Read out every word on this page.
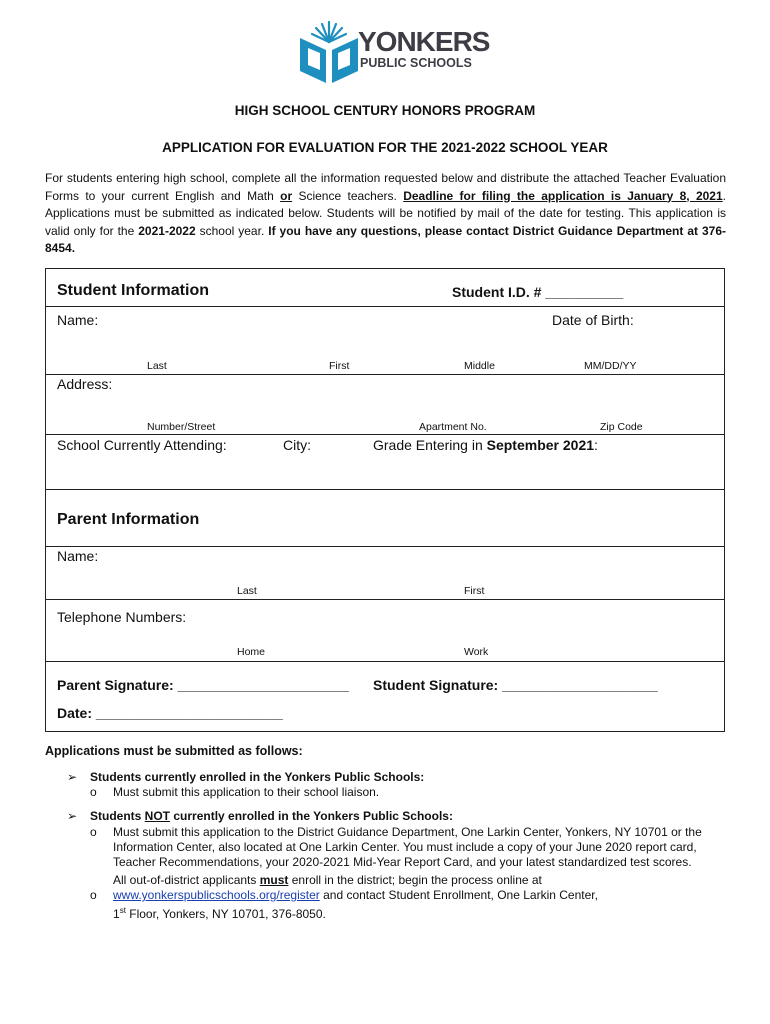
YONKERS
PUBLIC SCHOOLS
HIGH SCHOOL CENTURY HONORS PROGRAM
APPLICATION FOR EVALUATION FOR THE 2021-2022 SCHOOL YEAR
For students entering high school, complete all the information requested below and distribute the attached Teacher Evaluation Forms to your current English and Math or Science teachers. Deadline for filing the application is January 8, 2021. Applications must be submitted as indicated below. Students will be notified by mail of the date for testing. This application is valid only for the 2021-2022 school year. If you have any questions, please contact District Guidance Department at 376-8454.
Student Information	Student I.D. # __________
Name:	Date of Birth:
Last	First	Middle	MM/DD/YY
Address:
Number/Street	Apartment No.	Zip Code
School Currently Attending:	City:	Grade Entering in September 2021:
Parent Information
Name:
Last	First
Telephone Numbers:
Home	Work
Parent Signature: ______________________ Student Signature: ____________________
Date: ________________________
Applications must be submitted as follows:
➢ Students currently enrolled in the Yonkers Public Schools:
o Must submit this application to their school liaison.
➢ Students NOT currently enrolled in the Yonkers Public Schools:
o Must submit this application to the District Guidance Department, One Larkin Center, Yonkers, NY 10701 or the Information Center, also located at One Larkin Center. You must include a copy of your June 2020 report card, Teacher Recommendations, your 2020-2021 Mid-Year Report Card, and your latest standardized test scores.
o
All out-of-district applicants must enroll in the district; begin the process online at
www.yonkerspublicschools.org/register and contact Student Enrollment, One Larkin Center,
1st Floor, Yonkers, NY 10701, 376-8050.
